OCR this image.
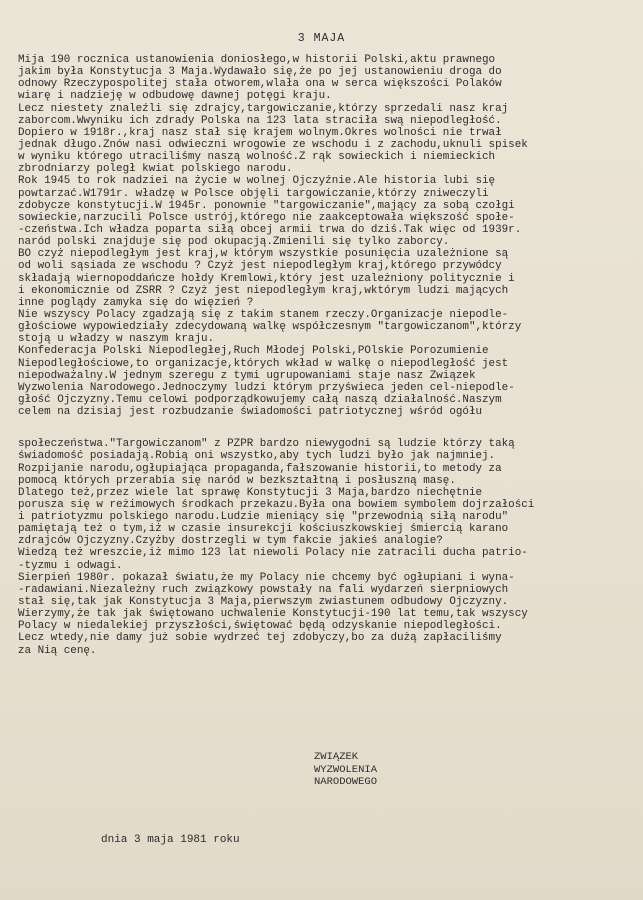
3 MAJA
Mija 190 rocznica ustanowienia doniosłego,w historii Polski,aktu prawnego
jakim była Konstytucja 3 Maja.Wydawało się,że po jej ustanowieniu droga do
odnowy Rzeczypospolitej stała otworem,wlała ona w serca większości Polaków
wiarę i nadzieję w odbudowę dawnej potęgi kraju.
Lecz niestety znaleźli się zdrajcy,targowiczanie,którzy sprzedali nasz kraj
zaborcom.Wwyniku ich zdrady Polska na 123 lata straciła swą niepodległość.
Dopiero w 1918r.,kraj nasz stał się krajem wolnym.Okres wolności nie trwał
jednak długo.Znów nasi odwieczni wrogowie ze wschodu i z zachodu,uknuli spisek
w wyniku którego utraciliśmy naszą wolność.Z rąk sowieckich i niemieckich
zbrodniarzy poległ kwiat polskiego narodu.
Rok 1945 to rok nadziei na życie w wolnej Ojczyźnie.Ale historia lubi się
powtarzać.W1791r. władzę w Polsce objęli targowiczanie,którzy zniweczyli
zdobycze konstytucji.W 1945r. ponownie "targowiczanie",mający za sobą czołgi
sowieckie,narzucili Polsce ustrój,którego nie zaakceptowała większość społe-
-czeństwa.Ich władza poparta siłą obcej armii trwa do dziś.Tak więc od 1939r.
naród polski znajduje się pod okupacją.Zmienili się tylko zaborcy.
BO czyż niepodległym jest kraj,w którym wszystkie posunięcia uzależnione są
od woli sąsiada ze wschodu ? Czyż jest niepodległym kraj,którego przywódcy
składają wiernopoddańcze hołdy Kremlowi,który jest uzależniony politycznie i
i ekonomicznie od ZSRR ? Czyż jest niepodległym kraj,wktórym ludzi mających
inne poglądy zamyka się do więzień ?
Nie wszyscy Polacy zgadzają się z takim stanem rzeczy.Organizacje niepodle-
głościowe wypowiedziały zdecydowaną walkę współczesnym "targowiczanom",którzy
stoją u władzy w naszym kraju.
Konfederacja Polski Niepodległej,Ruch Młodej Polski,POlskie Porozumienie
Niepodległościowe,to organizacje,których wkład w walkę o niepodległość jest
niepodważalny.W jednym szeregu z tymi ugrupowaniami staje nasz Związek
Wyzwolenia Narodowego.Jednoczymy ludzi którym przyświeca jeden cel-niepodle-
głość Ojczyzny.Temu celowi podporządkowujemy całą naszą działalność.Naszym
celem na dzisiaj jest rozbudzanie świadomości patriotycznej wśród ogółu
społeczeństwa."Targowiczanom" z PZPR bardzo niewygodni są ludzie którzy taką
świadomość posiadają.Robią oni wszystko,aby tych ludzi było jak najmniej.
Rozpijanie narodu,ogłupiająca propaganda,fałszowanie historii,to metody za
pomocą których przerabia się naród w bezkształtną i posłuszną masę.
Dlatego też,przez wiele lat sprawę Konstytucji 3 Maja,bardzo niechętnie
porusza się w reżimowych środkach przekazu.Była ona bowiem symbolem dojrzałości
i patriotyzmu polskiego narodu.Ludzie mieniący się "przewodnią siłą narodu"
pamiętają też o tym,iż w czasie insurekcji kościuszkowskiej śmiercią karano
zdrajców Ojczyzny.Czyżby dostrzegli w tym fakcie jakieś analogie?
Wiedzą też wreszcie,iż mimo 123 lat niewoli Polacy nie zatracili ducha patrio-
-tyzmu i odwagi.
Sierpień 1980r. pokazał światu,że my Polacy nie chcemy być ogłupiani i wyna-
-radawiani.Niezależny ruch związkowy powstały na fali wydarzeń sierpniowych
stał się,tak jak Konstytucja 3 Maja,pierwszym zwiastunem odbudowy Ojczyzny.
Wierzymy,że tak jak świętowano uchwalenie Konstytucji-190 lat temu,tak wszyscy
Polacy w niedalekiej przyszłości,świętować będą odzyskanie niepodległości.
Lecz wtedy,nie damy już sobie wydrzeć tej zdobyczy,bo za dużą zapłaciliśmy
za Nią cenę.
ZWIĄZEK
WYZWOLENIA
NARODOWEGO
dnia 3 maja 1981 roku
